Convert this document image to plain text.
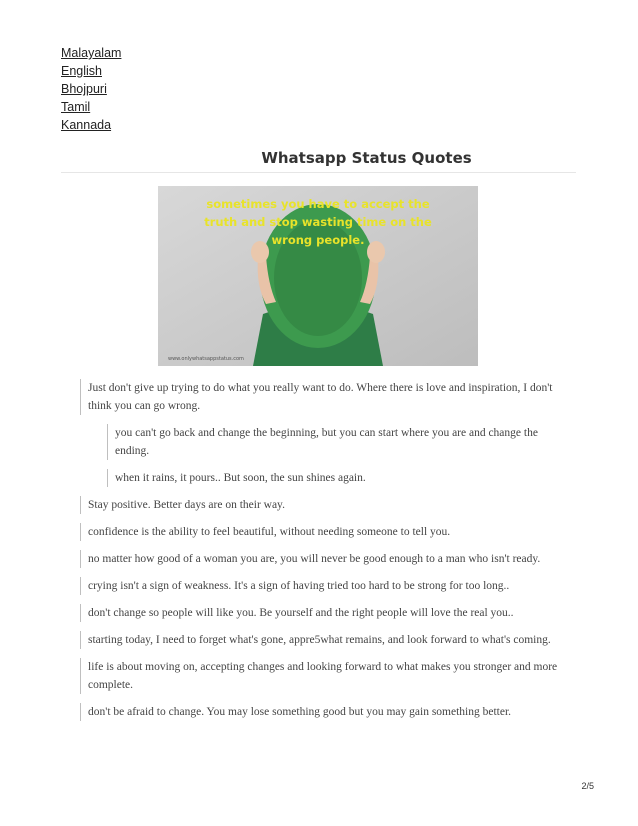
Malayalam
English
Bhojpuri
Tamil
Kannada
Whatsapp Status Quotes
sometimes you have to accept the
truth and stop wasting time on the
wrong people.
www.onlywhatsappstatus.com

Just don't give up trying to do what you really want to do. Where there is love and inspiration, I don't think you can go wrong.

you can't go back and change the beginning, but you can start where you are and change the ending.

when it rains, it pours.. But soon, the sun shines again.

Stay positive. Better days are on their way.

confidence is the ability to feel beautiful, without needing someone to tell you.

no matter how good of a woman you are, you will never be good enough to a man who isn't ready.

crying isn't a sign of weakness. It's a sign of having tried too hard to be strong for too long..

don't change so people will like you. Be yourself and the right people will love the real you..

starting today, I need to forget what's gone, appre5what remains, and look forward to what's coming.

life is about moving on, accepting changes and looking forward to what makes you stronger and more complete.

don't be afraid to change. You may lose something good but you may gain something better.

2/5
